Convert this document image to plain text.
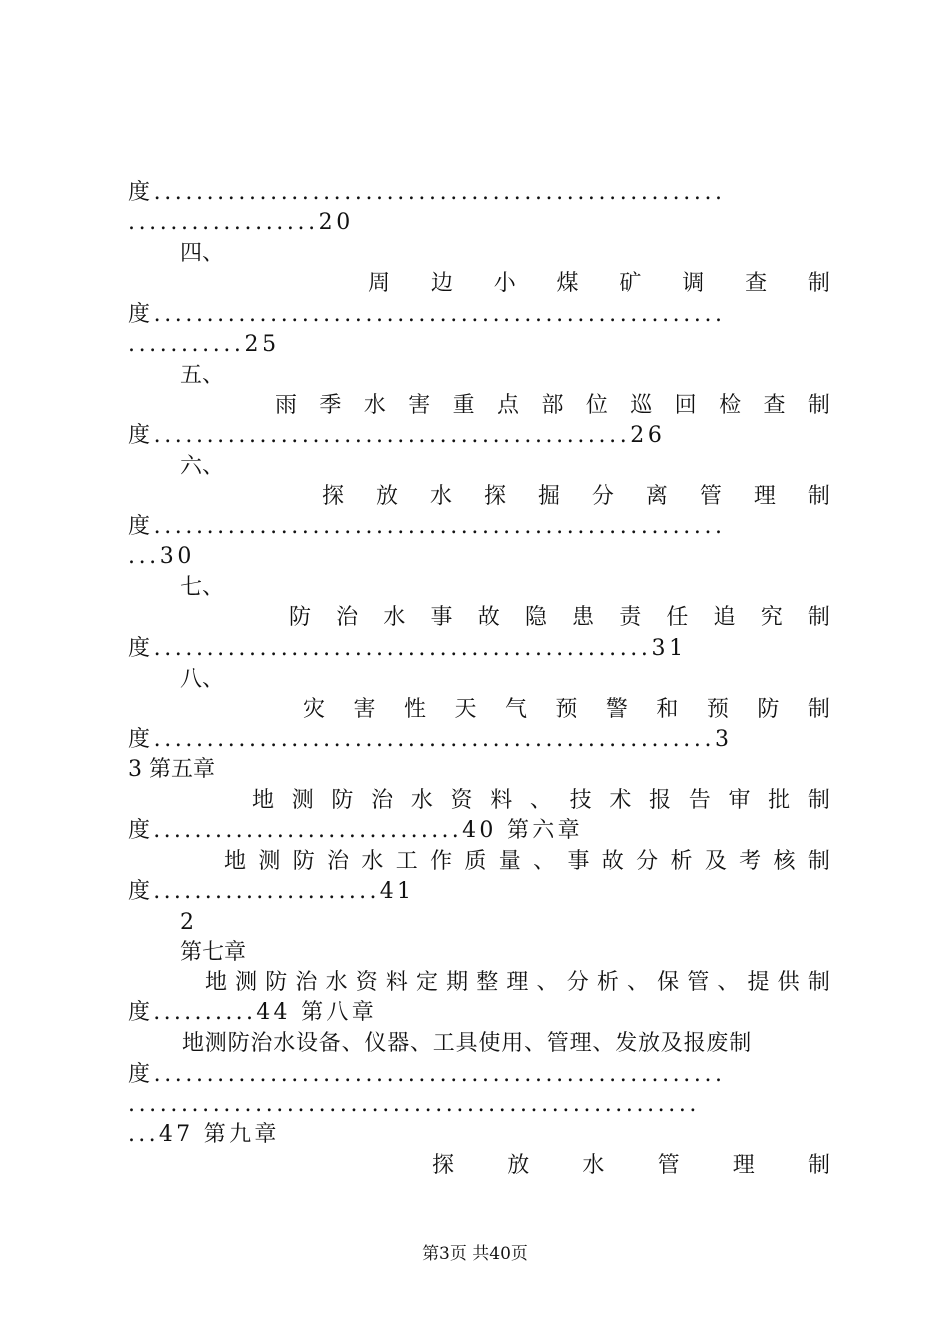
度......................................................
..................20
四、
周 边 小 煤 矿 调 查 制
度......................................................
...........25
五、
雨 季 水 害 重 点 部 位 巡 回 检 查 制
度.............................................26
六、
探 放 水 探 掘 分 离 管 理 制
度......................................................
...30
七、
防 治 水 事 故 隐 患 责 任 追 究 制
度...............................................31
八、
灾 害 性 天 气 预 警 和 预 防 制
度.....................................................3
3 第五章
地 测 防 治 水 资 料 、 技 术 报 告 审 批 制
度..............................40 第六章
地 测 防 治 水 工 作 质 量 、 事 故 分 析 及 考 核 制
度......................41
2
第七章
地 测 防 治 水 资 料 定 期 整 理 、 分 析 、 保 管 、 提 供 制
度..........44 第八章
地测防治水设备、仪器、工具使用、管理、发放及报废制
度......................................................
......................................................
...47 第九章
探 放 水 管 理 制
第3页 共40页
